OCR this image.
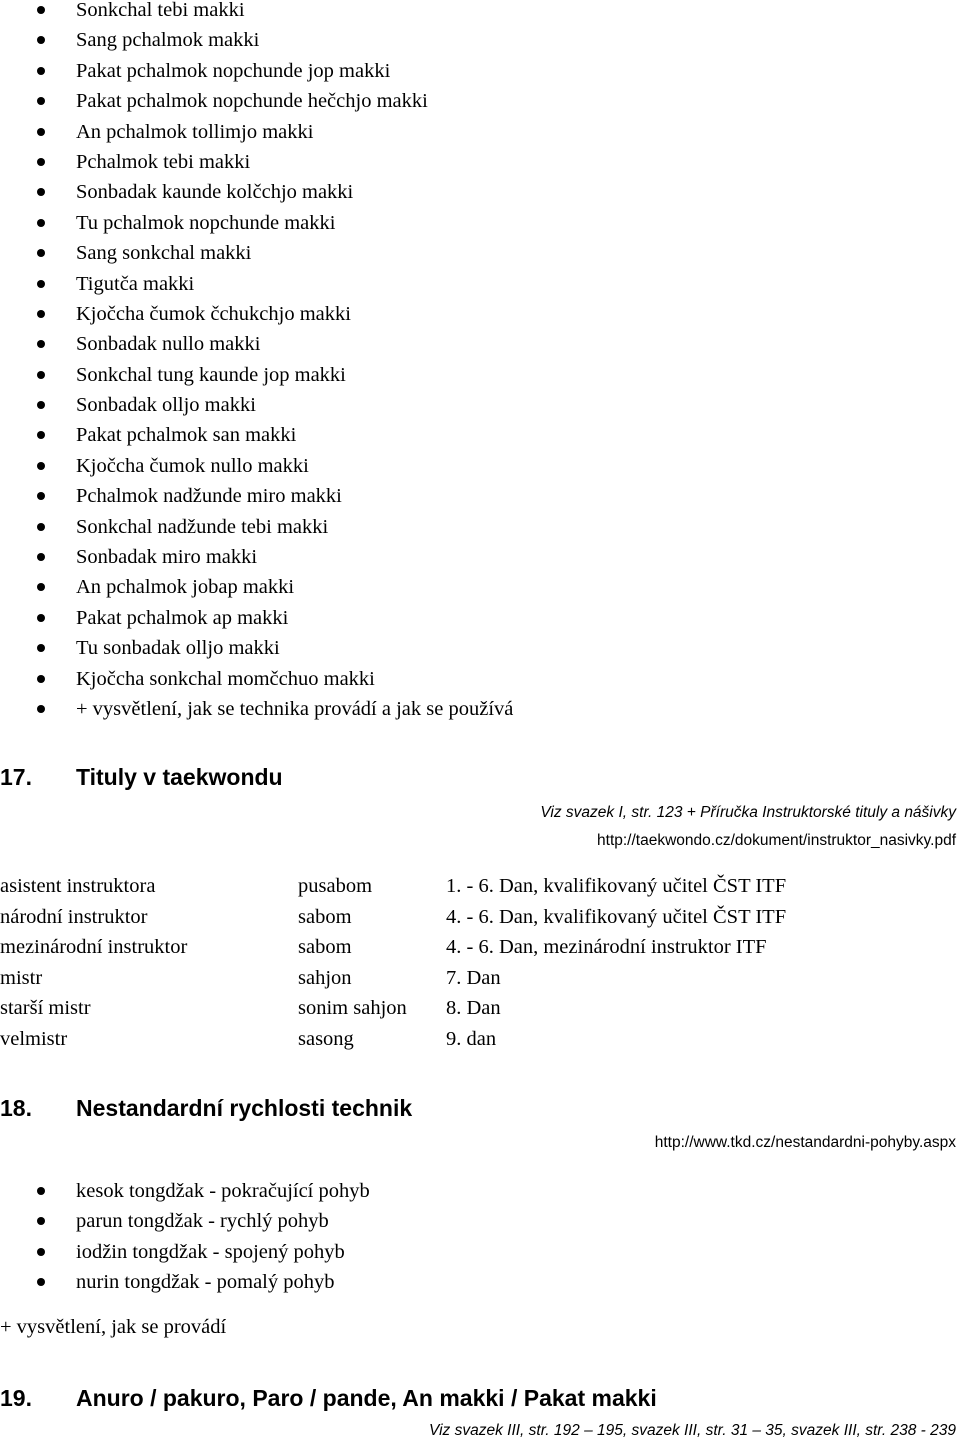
Sonkchal tebi makki
Sang pchalmok makki
Pakat pchalmok nopchunde jop makki
Pakat pchalmok nopchunde hečchjo makki
An pchalmok tollimjo makki
Pchalmok tebi makki
Sonbadak kaunde kolčchjo makki
Tu pchalmok nopchunde makki
Sang sonkchal makki
Tigutča makki
Kjočcha čumok čchukchjo makki
Sonbadak nullo makki
Sonkchal tung kaunde jop makki
Sonbadak olljo makki
Pakat pchalmok san makki
Kjočcha čumok nullo makki
Pchalmok nadžunde miro makki
Sonkchal nadžunde tebi makki
Sonbadak miro makki
An pchalmok jobap makki
Pakat pchalmok ap makki
Tu sonbadak olljo makki
Kjočcha sonkchal momčchuo makki
+ vysvětlení, jak se technika provádí a jak se používá
17. Tituly v taekwondu
Viz svazek I, str. 123 + Příručka Instruktorské tituly a nášivky
http://taekwondo.cz/dokument/instruktor_nasivky.pdf
asistent instruktora	pusabom	1. - 6. Dan, kvalifikovaný učitel ČST ITF
národní instruktor	sabom	4. - 6. Dan, kvalifikovaný učitel ČST ITF
mezinárodní instruktor	sabom	4. - 6. Dan, mezinárodní instruktor ITF
mistr	sahjon	7. Dan
starší mistr	sonim sahjon	8. Dan
velmistr	sasong	9. dan
18. Nestandardní rychlosti technik
http://www.tkd.cz/nestandardni-pohyby.aspx
kesok tongdžak - pokračující pohyb
parun tongdžak - rychlý pohyb
iodžin tongdžak - spojený pohyb
nurin tongdžak - pomalý pohyb
+ vysvětlení, jak se provádí
19. Anuro / pakuro, Paro / pande, An makki / Pakat makki
Viz svazek III, str. 192 – 195, svazek III, str. 31 – 35, svazek III, str. 238 - 239
